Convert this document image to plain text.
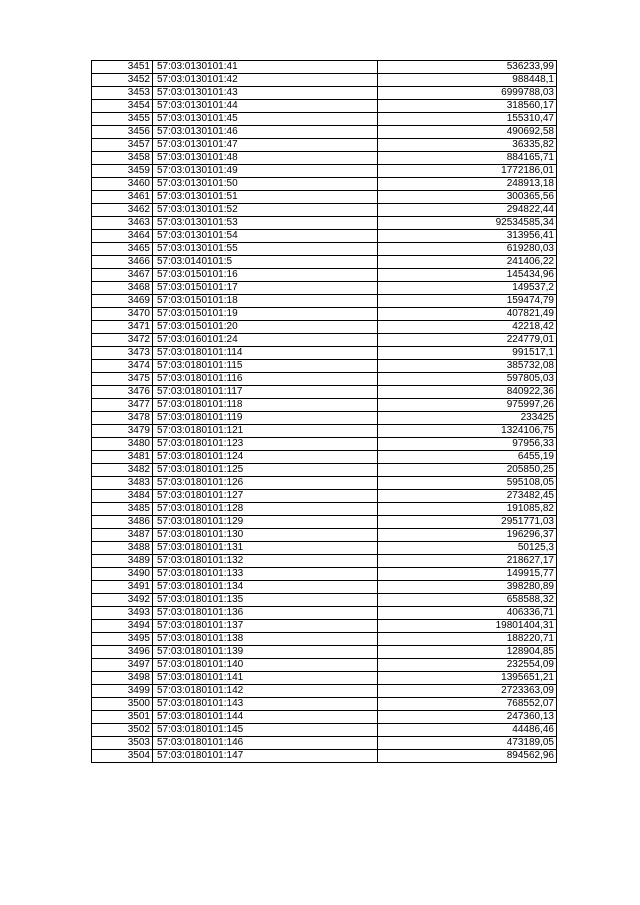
3451	57:03:0130101:41	536233,99
3452	57:03:0130101:42	988448,1
3453	57:03:0130101:43	6999788,03
3454	57:03:0130101:44	318560,17
3455	57:03:0130101:45	155310,47
3456	57:03:0130101:46	490692,58
3457	57:03:0130101:47	36335,82
3458	57:03:0130101:48	884165,71
3459	57:03:0130101:49	1772186,01
3460	57:03:0130101:50	248913,18
3461	57:03:0130101:51	300365,56
3462	57:03:0130101:52	294822,44
3463	57:03:0130101:53	92534585,34
3464	57:03:0130101:54	313956,41
3465	57:03:0130101:55	619280,03
3466	57:03:0140101:5	241406,22
3467	57:03:0150101:16	145434,96
3468	57:03:0150101:17	149537,2
3469	57:03:0150101:18	159474,79
3470	57:03:0150101:19	407821,49
3471	57:03:0150101:20	42218,42
3472	57:03:0160101:24	224779,01
3473	57:03:0180101:114	991517,1
3474	57:03:0180101:115	385732,08
3475	57:03:0180101:116	597805,03
3476	57:03:0180101:117	840922,36
3477	57:03:0180101:118	975997,26
3478	57:03:0180101:119	233425
3479	57:03:0180101:121	1324106,75
3480	57:03:0180101:123	97956,33
3481	57:03:0180101:124	6455,19
3482	57:03:0180101:125	205850,25
3483	57:03:0180101:126	595108,05
3484	57:03:0180101:127	273482,45
3485	57:03:0180101:128	191085,82
3486	57:03:0180101:129	2951771,03
3487	57:03:0180101:130	196296,37
3488	57:03:0180101:131	50125,3
3489	57:03:0180101:132	218627,17
3490	57:03:0180101:133	149915,77
3491	57:03:0180101:134	398280,89
3492	57:03:0180101:135	658588,32
3493	57:03:0180101:136	406336,71
3494	57:03:0180101:137	19801404,31
3495	57:03:0180101:138	188220,71
3496	57:03:0180101:139	128904,85
3497	57:03:0180101:140	232554,09
3498	57:03:0180101:141	1395651,21
3499	57:03:0180101:142	2723363,09
3500	57:03:0180101:143	768552,07
3501	57:03:0180101:144	247360,13
3502	57:03:0180101:145	44486,46
3503	57:03:0180101:146	473189,05
3504	57:03:0180101:147	894562,96
